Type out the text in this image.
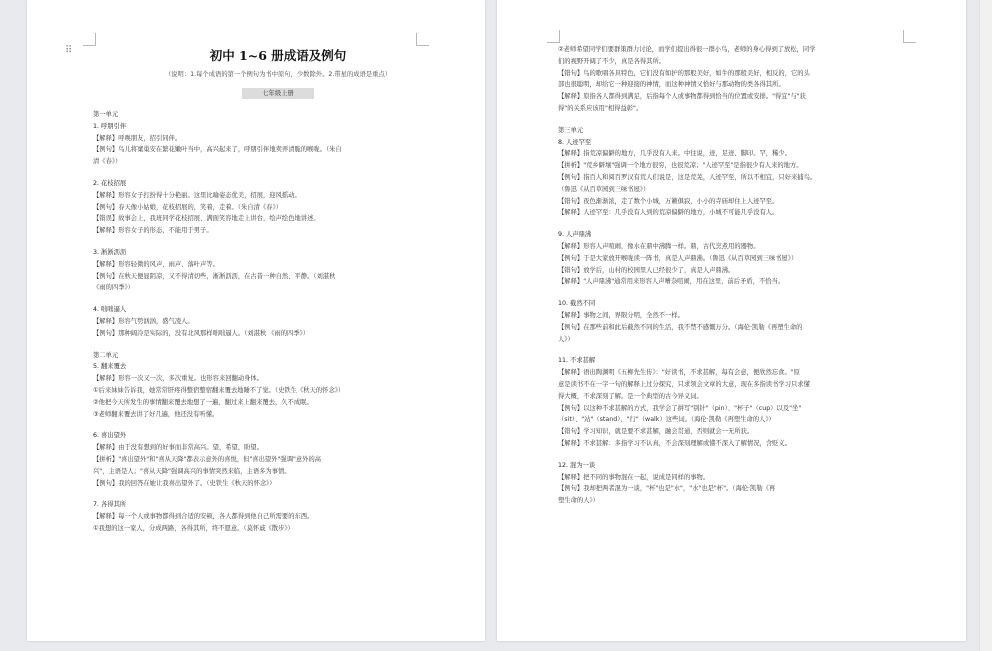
⠿	初中 1~6 册成语及例句
（说明：1.每个成语的第一个例句为书中原句，少数除外。2.带星的成语是重点）
七年级上册
第一单元
1. 呼朋引伴
【解释】呼唤朋友，招引同伴。
【例句】鸟儿将窠巢安在繁花嫩叶当中，高兴起来了，呼朋引伴地卖弄清脆的喉咙。（朱自
清《春》）
2. 花枝招展
【解释】形容女子打扮得十分艳丽。这里比喻姿态优美，招展，迎风摇动。
【例句】春天像小姑娘，花枝招展的，笑着，走着。（朱自清《春》）
【错误】故事会上，我班同学花枝招展、满面笑容地走上讲台，绘声绘色地讲述。
【解释】形容女子的形态，不能用于男子。
3. 淅淅沥沥
【解释】形容轻微的风声、雨声、落叶声等。
【例句】在秋天便显阴凉，又不得清切些，淅淅沥沥，在古昔一种自然、平静。（刘湛秋
《雨的四季》）
4. 咄咄逼人
【解释】形容气势汹汹，盛气凌人。
【例句】那种阔冷是实际的，没有北风那样咄咄逼人。（刘湛秋 《雨的四季》）
第二单元
5. 翻来覆去
【解释】形容一次又一次，多次重复。也形容来回翻动身体。
①后来妹妹告诉我，她常常肝疼得整宿整宿翻来覆去地睡不了觉。（史铁生《秋天的怀念》）
②他把今天所发生的事情翻来覆去地想了一遍，翻过来上翻来覆去，久不成眠。
③老师翻来覆去讲了好几遍，他还没有听懂。
6. 喜出望外
【解释】由于没有想到的好事而非常高兴。望，希望，盼望。
【拼析】"喜出望外"和"喜从天降"都表示意外的喜悦，但"喜出望外"强调"意外的高
兴"，主语是人；"喜从天降"强调高兴的事情突然来临，主语多为事情。
【例句】我的回答在她让我喜出望外了。（史铁生《秋天的怀念》）
7. 各得其所
【解释】每一个人或事物都得到合适的安顿，各人都得到他自己所需要的东西。
①我想的这一家人，分成两路，各得其所，终不愿意。（莫怀戚《散步》）
②老师希望同学们要群策群力讨论，而学们提出得很一群小鸟，老师的身心得到了放松，同学
们的视野开阔了不少，真是各得其所。
【错句】鸟的歌唱各具特色，它们没有如护的那般美好，如牛的那般美好，相反的，它的头
部也很聪明，却给它一种迎接的神情，而这种神情又恰好与那动物的类各得其所。
【解释】原指各人都得到满足，后指每个人或事物都得到恰当的位置或安排。"得宜"与"获
得"的关系应该用"相得益彰"。
第三单元
8. 人迹罕至
【解释】指荒凉偏僻的地方，几乎没有人来。中往说，迹，足迹、脚印。罕，稀少。
【拼析】"荒乡僻壤"强调一个地方很穷，也很荒凉；"人迹罕至"是指很少有人来的地方。
【例句】指百人和阅百罗汉有荒人们说是，这是荒芜，人迹罕至，所以不相宜，只好来捕鸟。
（鲁迅《从百草园到三味书屋》）
【错句】夜色渐渐浓，走了数个小城，万籁俱寂，小小的寺庙却住上人迹罕至。
【解释】人迹罕至：几乎没有人到的荒凉偏僻的地方，小城不可能几乎没有人。
9. 人声鼎沸
【解释】形容人声喧闹，像水在鼎中沸腾一样。鼎，古代烹煮用的器物。
【例句】于是大家放开喉咙读一阵书，真是人声鼎沸。（鲁迅《从百草园到三味书屋》）
【错句】放学后，山村的校园里人已经很少了，真是人声鼎沸。
【解释】"人声鼎沸"通常用来形容人声嘈杂喧闹，用在这里，前后矛盾，不恰当。
10. 截然不同
【解释】事物之间，界限分明，全然不一样。
【例句】在那些前和此后截然不同的生活，我不禁不感慨万分。（海伦·凯勒《再塑生命的
人》）
11. 不求甚解
【解释】语出陶渊明《五柳先生传》："好读书，不求甚解，每有会意，便欣然忘食。"原
意是读书不在一字一句的解释上过分探究，只求领会文章的大意，现在多指读书学习只求懂
得大概，不求深刻了解。是一个典型的古今异义词。
【例句】以这种不求甚解的方式，我学会了拼写"别针"（pin）、"杯子"（cup）以及"坐"
（sit）、"站"（stand）、"行"（walk）这些词。（海伦·凯勒《再塑生命的人》）
【错句】学习知识，就是要不求甚解，融会贯通，否则就会一无所获。
【解释】不求甚解：多指学习不认真，不会深刻理解或懂不深入了解情况，含贬义。
12. 混为一谈
【解释】把不同的事物混在一起，说成是同样的事物。
【例句】我却把两者混为一谈，"杯"也是"水"，"水"也是"杯"。（海伦·凯勒《再
塑生命的人》）
